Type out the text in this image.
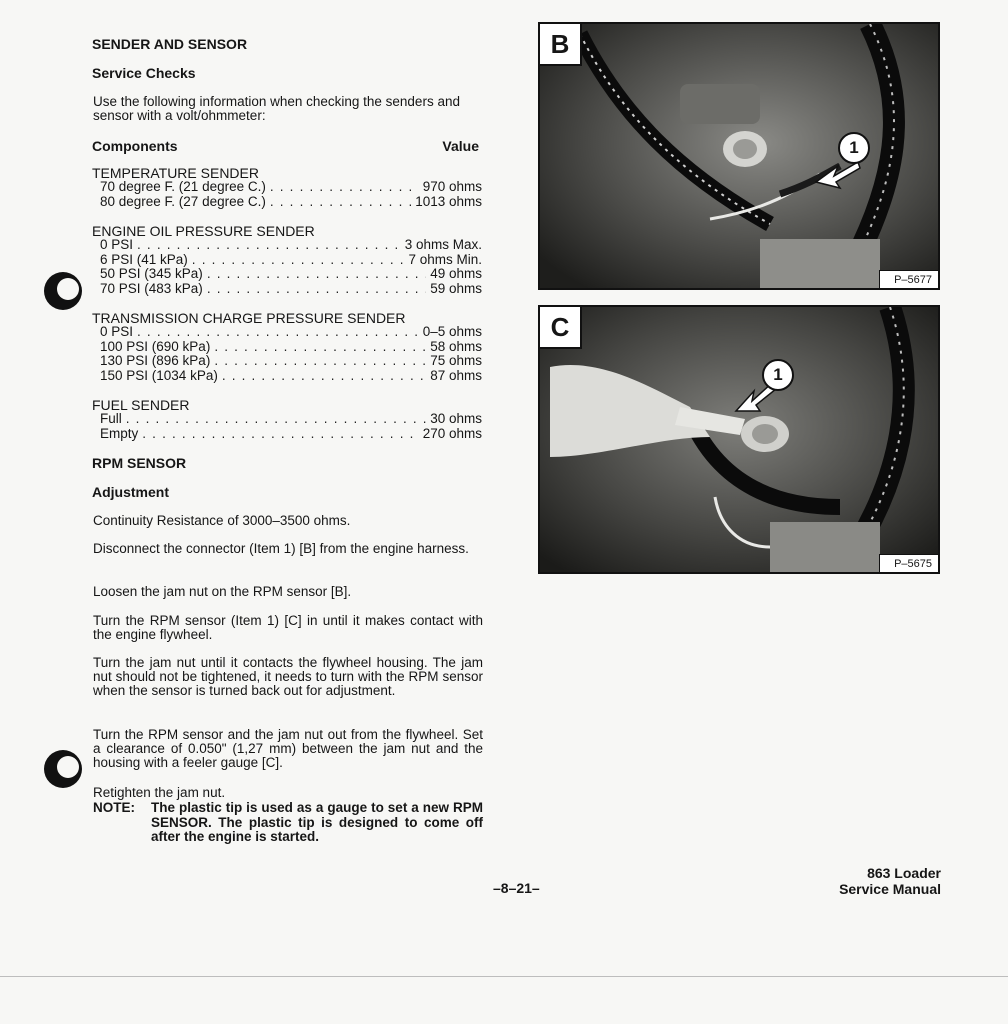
SENDER AND SENSOR
Service Checks
Use the following information when checking the senders and sensor with a volt/ohmmeter:
Components	Value
TEMPERATURE SENDER
70 degree F. (21 degree C.) . . .	970 ohms
80 degree F. (27 degree C.) . . .	1013 ohms
ENGINE OIL PRESSURE SENDER
0 PSI . . .	3 ohms Max.
6 PSI (41 kPa) . . .	7 ohms Min.
50 PSI (345 kPa) . . .	49 ohms
70 PSI (483 kPa) . . .	59 ohms
TRANSMISSION CHARGE PRESSURE SENDER
0 PSI . . .	0–5 ohms
100 PSI (690 kPa) . . .	58 ohms
130 PSI (896 kPa) . . .	75 ohms
150 PSI (1034 kPa) . . .	87 ohms
FUEL SENDER
Full . . .	30 ohms
Empty . . .	270 ohms
RPM SENSOR
Adjustment
Continuity Resistance of 3000–3500 ohms.
Disconnect the connector (Item 1) [B] from the engine harness.
Loosen the jam nut on the RPM sensor [B].
Turn the RPM sensor (Item 1) [C] in until it makes contact with the engine flywheel.
Turn the jam nut until it contacts the flywheel housing. The jam nut should not be tightened, it needs to turn with the RPM sensor when the sensor is turned back out for adjustment.
Turn the RPM sensor and the jam nut out from the flywheel. Set a clearance of 0.050" (1,27 mm) between the jam nut and the housing with a feeler gauge [C].
Retighten the jam nut.
NOTE:	The plastic tip is used as a gauge to set a new RPM SENSOR. The plastic tip is designed to come off after the engine is started.
B
1
P–5677
C
1
P–5675
–8–21–
863 Loader
Service Manual
